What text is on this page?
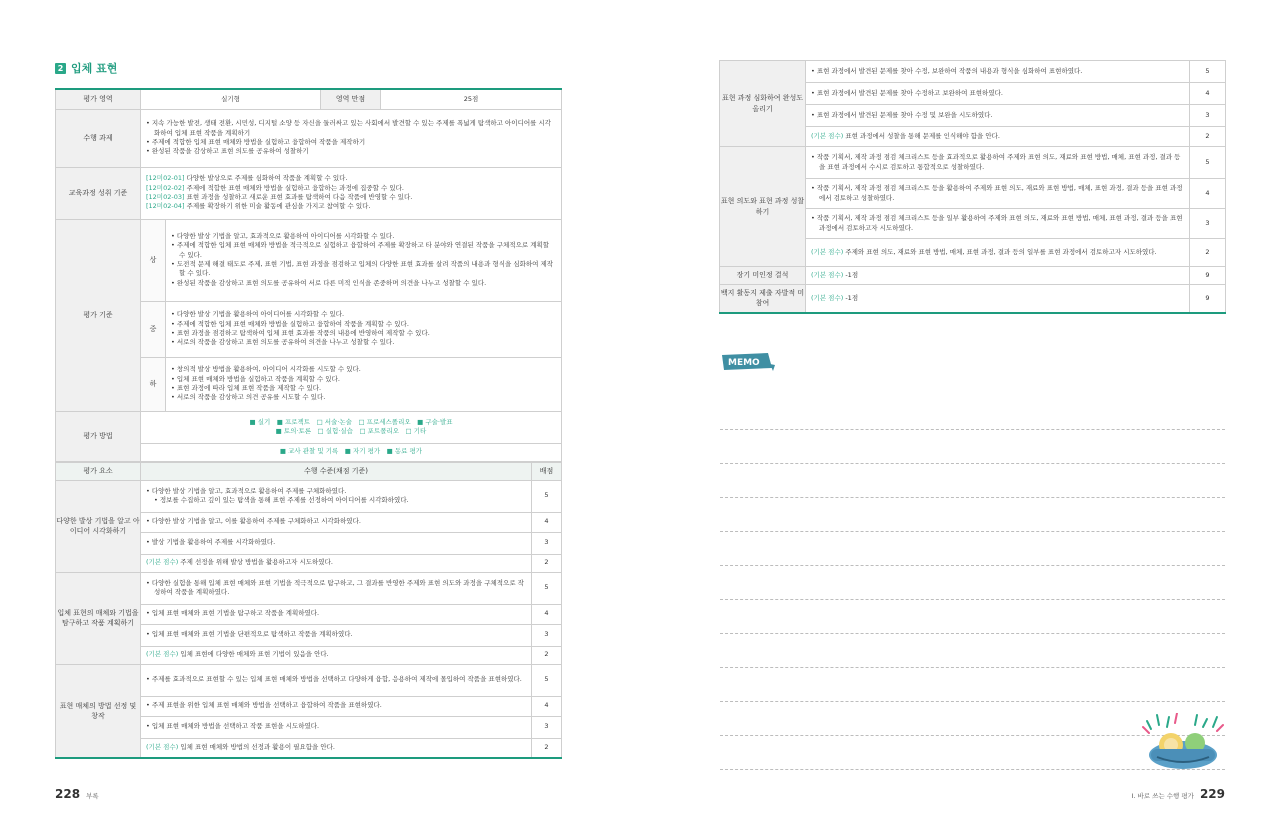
2 입체 표현
평가 영역	실기형		영역 만점	25점
수행 과제	• 지속 가능한 발전, 생태 전환, 시민성, 디지털 소양 등 자신을 둘러싸고 있는 사회에서 발견할 수 있는 주제를 폭넓게 탐색하고 아이디어를 시각화하여 입체 표현 작품을 계획하기
• 주제에 적합한 입체 표현 매체와 방법을 실험하고 융합하여 작품을 제작하기
• 완성된 작품을 감상하고 표현 의도를 공유하여 성찰하기			

교육과정 성취 기준	[12미02-01] 다양한 발상으로 주제를 심화하여 작품을 계획할 수 있다.
[12미02-02] 주제에 적합한 표현 매체와 방법을 실험하고 융합하는 과정에 집중할 수 있다.
[12미02-03] 표현 과정을 성찰하고 새로운 표현 효과를 탐색하여 다음 작품에 반영할 수 있다.
[12미02-04] 주제를 확장하기 위한 미술 활동에 관심을 가지고 참여할 수 있다.			

평가 기준	상	• 다양한 발상 기법을 알고, 효과적으로 활용하여 아이디어를 시각화할 수 있다.
• 주제에 적합한 입체 표현 매체와 방법을 적극적으로 실험하고 융합하여 주제를 확장하고 타 분야와 연결된 작품을 구체적으로 계획할 수 있다.
• 도전적 문제 해결 태도로 주제, 표현 기법, 표현 과정을 점검하고 입체의 다양한 표현 효과를 살려 작품의 내용과 형식을 심화하여 제작할 수 있다.
• 완성된 작품을 감상하고 표현 의도를 공유하여 서로 다른 미적 인식을 존중하며 의견을 나누고 성찰할 수 있다.		

	중	• 다양한 발상 기법을 활용하여 아이디어를 시각화할 수 있다.
• 주제에 적합한 입체 표현 매체와 방법을 실험하고 융합하여 작품을 계획할 수 있다.
• 표현 과정을 점검하고 탐색하여 입체 표현 효과를 작품의 내용에 반영하여 제작할 수 있다.
• 서로의 작품을 감상하고 표현 의도를 공유하여 의견을 나누고 성찰할 수 있다.		

	하	• 창의적 발상 방법을 활용하여, 아이디어 시각화를 시도할 수 있다.
• 입체 표현 매체와 방법을 실험하고 작품을 계획할 수 있다.
• 표현 과정에 따라 입체 표현 작품을 제작할 수 있다.
• 서로의 작품을 감상하고 의견 공유를 시도할 수 있다.		

평가 방법	■ 실기　■ 프로젝트　□ 서술·논술　□ 프로세스폴리오　■ 구술·발표
■ 토의·토론　□ 실험·실습　□ 포트폴리오　□ 기타			

	■ 교사 관찰 및 기록　■ 자기 평가　■ 동료 평가			
평가 요소	수행 수준(채점 기준)	배점
다양한 발상 기법을 알고 아이디어 시각화하기	• 다양한 발상 기법을 알고, 효과적으로 활용하여 주제를 구체화하였다.
• 정보를 수집하고 깊이 있는 탐색을 통해 표현 주제를 선정하여 아이디어를 시각화하였다.	5

	• 다양한 발상 기법을 알고, 이를 활용하여 주제를 구체화하고 시각화하였다.	4

	• 발상 기법을 활용하여 주제를 시각화하였다.	3
	(기본 점수) 주제 선정을 위해 발상 방법을 활용하고자 시도하였다.	2
입체 표현의 매체와 기법을 탐구하고 작품 계획하기	• 다양한 실험을 통해 입체 표현 매체와 표현 기법을 적극적으로 탐구하고, 그 결과를 반영한 주제와 표현 의도와 과정을 구체적으로 작성하여 작품을 계획하였다.	5

	• 입체 표현 매체와 표현 기법을 탐구하고 작품을 계획하였다.	4

	• 입체 표현 매체와 표현 기법을 단편적으로 탐색하고 작품을 계획하였다.	3
	(기본 점수) 입체 표현에 다양한 매체와 표현 기법이 있음을 안다.	2
표현 매체의 방법 선정 및 창작	• 주제를 효과적으로 표현할 수 있는 입체 표현 매체와 방법을 선택하고 다양하게 융합, 응용하여 제작에 몰입하여 작품을 표현하였다.	5

	• 주제 표현을 위한 입체 표현 매체와 방법을 선택하고 융합하여 작품을 표현하였다.	4

	• 입체 표현 매체와 방법을 선택하고 작품 표현을 시도하였다.	3
	(기본 점수) 입체 표현 매체와 방법의 선정과 활용이 필요함을 안다.	2
228 부록
표현 과정 심화하여 완성도 올리기	• 표현 과정에서 발견된 문제를 찾아 수정, 보완하여 작품의 내용과 형식을 심화하여 표현하였다.	5

	• 표현 과정에서 발견된 문제를 찾아 수정하고 보완하여 표현하였다.	4

	• 표현 과정에서 발견된 문제를 찾아 수정 및 보완을 시도하였다.	3
	(기본 점수) 표현 과정에서 성찰을 통해 문제를 인식해야 함을 안다.	2
표현 의도와 표현 과정 성찰하기	• 작품 기획서, 제작 과정 점검 체크리스트 등을 효과적으로 활용하여 주제와 표현 의도, 재료와 표현 방법, 매체, 표현 과정, 결과 등을 표현 과정에서 수시로 검토하고 통합적으로 성찰하였다.	5

	• 작품 기획서, 제작 과정 점검 체크리스트 등을 활용하여 주제와 표현 의도, 재료와 표현 방법, 매체, 표현 과정, 결과 등을 표현 과정에서 검토하고 성찰하였다.	4

	• 작품 기획서, 제작 과정 점검 체크리스트 등을 일부 활용하여 주제와 표현 의도, 재료와 표현 방법, 매체, 표현 과정, 결과 등을 표현 과정에서 검토하고자 시도하였다.	3
	(기본 점수) 주제와 표현 의도, 재료와 표현 방법, 매체, 표현 과정, 결과 등의 일부를 표현 과정에서 검토하고자 시도하였다.	2
장기 미인정 결석	(기본 점수) -1점	9
백지 활동지 제출 자발적 미참여	(기본 점수) -1점	9
MEMO
I. 바로 쓰는 수행 평가 229
